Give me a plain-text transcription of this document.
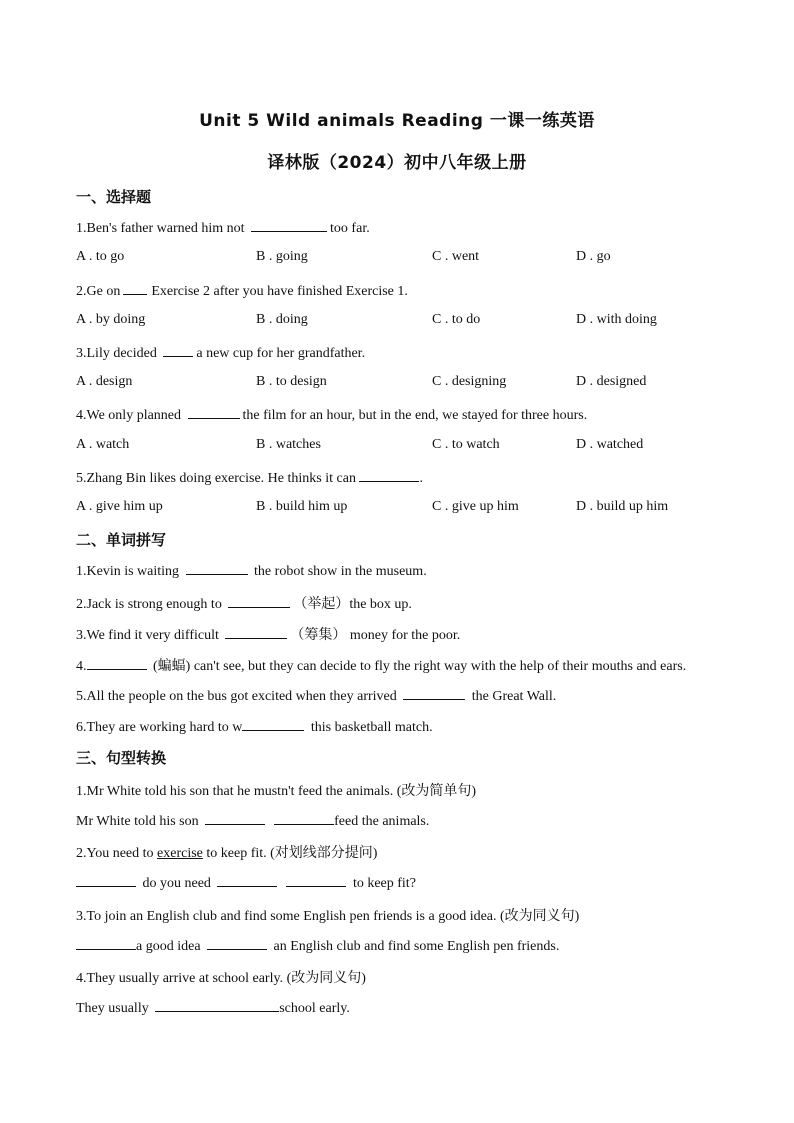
Unit 5 Wild animals Reading 一课一练英语
译林版（2024）初中八年级上册
一、选择题
1.Ben's father warned him not	too far.
A . to go	B . going	C . went	D . go
2.Ge on Exercise 2 after you have finished Exercise 1.
A . by doing	B . doing	C . to do	D . with doing
3.Lily decided	a new cup for her grandfather.
A . design	B . to design	C . designing	D . designed
4.We only planned	the film for an hour, but in the end, we stayed for three hours.
A . watch	B . watches	C . to watch	D . watched
5.Zhang Bin likes doing exercise. He thinks it can	.
A . give him up	B . build him up	C . give up him	D . build up him
二、单词拼写
1.Kevin is waiting	the robot show in the museum.
2.Jack is strong enough to	（举起）the box up.
3.We find it very difficult	（筹集） money for the poor.
4.	(蝙蝠) can't see, but they can decide to fly the right way with the help of their mouths and ears.
5.All the people on the bus got excited when they arrived	the Great Wall.
6.They are working hard to w	this basketball match.
三、句型转换
1.Mr White told his son that he mustn't feed the animals. (改为简单句)
Mr White told his son	feed the animals.
2.You need to exercise to keep fit. (对划线部分提问)
do you need	to keep fit?
3.To join an English club and find some English pen friends is a good idea. (改为同义句)
a good idea	an English club and find some English pen friends.
4.They usually arrive at school early. (改为同义句)
They usually	school early.
